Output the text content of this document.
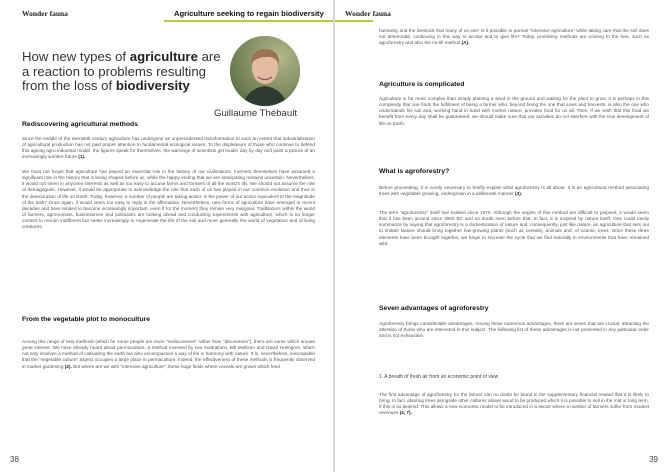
Wonder fauna	Agriculture seeking to regain biodiversity
How new types of agriculture are a reaction to problems resulting from the loss of biodiversity
Guillaume Thébault
Rediscovering agricultural methods

Since the middle of the twentieth century agriculture has undergone an unprecedented transformation to such an extent that industrialization of agricultural production has not paid proper attention to fundamental ecological issues. To the displeasure of those who continue to defend this ageing agro-industrial model, the figures speak for themselves, the warnings of scientists get louder day by day and paint a picture of an increasingly sombre future (1).

We must not forget that agriculture has played an essential role in the history of our civilizations. Farmers themselves have assumed a significant role in the history that is being shaped before us, while the happy ending that we are anticipating remains uncertain. Nevertheless, it would not seem in anyones interests as well as too easy to accuse farms and farmers of all the world's ills. We should not assume the role of demagogues. However, it would be appropriate to acknowledge the role that each of us has played in our common evolution and thus in the deterioration of life on Earth. Today, however, a number of people are taking action: is the power of our action equivalent to the magnitude of the task? Once again, it would seem too easy to reply in the affirmative. Nevertheless, new forms of agriculture have emerged in recent decades and have tended to become increasingly important, even if for the moment they remain very marginal. Trailblazers within the world of farmers, agronomists, businessmen and politicians are looking ahead and conducting experiments with agriculture, which is no longer content to remain indifferent but seeks increasingly to regenerate the life of the soil and more generally the world of vegetation and of living creatures.

From the vegetable plot to monoculture

Among this range of new methods (which for some people are more "rediscoveries" rather than "discoveries"), there are some which arouse great interest. We have already heard about permaculture, a method invented by two Australians, Bill Mollison and David Holmgren, which not only involves a method of cultivating the earth but also encompasses a way of life in harmony with nature. It is, nevertheless, inescapable that the "vegetable culture" aspect occupies a large place in permaculture. Indeed, the effectiveness of these methods is frequently observed in market gardening (2). But where are we with "intensive agriculture", these huge fields where cereals are grown which feed

38
Wonder fauna

humanity and the livestock that many of us eat? Is it possible to pursue "intensive agriculture" while taking care that the soil does not deteriorate, continuing in this way to accept and to give life? Today, promising methods are coming to the fore, such as agroforestry and also the no-till method (A).

Agriculture is complicated

Agriculture is far more complex than simply planting a seed in the ground and waiting for the plant to grow. It is perhaps in this complexity that one finds the fulfilment of being a farmer who, beyond being the one that sows and harvests, is also the one who understands his soil and, working hand in hand with mother nature, provides food for us all. Then, if we wish that this food we benefit from every day shall be guaranteed, we should make sure that our activities do not interfere with the true development of life on Earth.

What is agroforestry?

Before proceeding, it is surely necessary to briefly explain what agroforestry is all about. It is an agricultural method associating trees with vegetable growing, undergrown in a deliberate manner (3).

The term "agroforestry" itself has existed since 1970. Although the origins of this method are difficult to pinpoint, it would seem that it has been around since 3000 BC and no doubt even before that. In fact, it is inspired by nature itself. One could easily summarize by saying that agroforestry is a domestication of nature and, consequently, just like nature, an agriculture that sets out to imitate Nature should bring together low-growing plants (such as cereals), animals and, of course, trees. Once these three elements have been brought together, we begin to recreate the cycle that we find naturally in environments that have remained wild.

Seven advantages of agroforestry

Agroforestry brings considerable advantages. Among these numerous advantages, there are seven that are crucial, attracting the attention of those who are interested in this subject. The following list of these advantages is not presented in any particular order and is not exhaustive.

1. A breath of fresh air from an economic point of view

The first advantage of agroforestry for the farmer can no doubt be found in the supplementary financial reward that it is likely to bring. In fact, planting trees alongside other cultures allows wood to be produced which it is possible to sell in the mid or long term. If this is so desired. This allows a new economic model to be introduced in a sector where a number of farmers suffer from modest revenues (4, 7).

39
